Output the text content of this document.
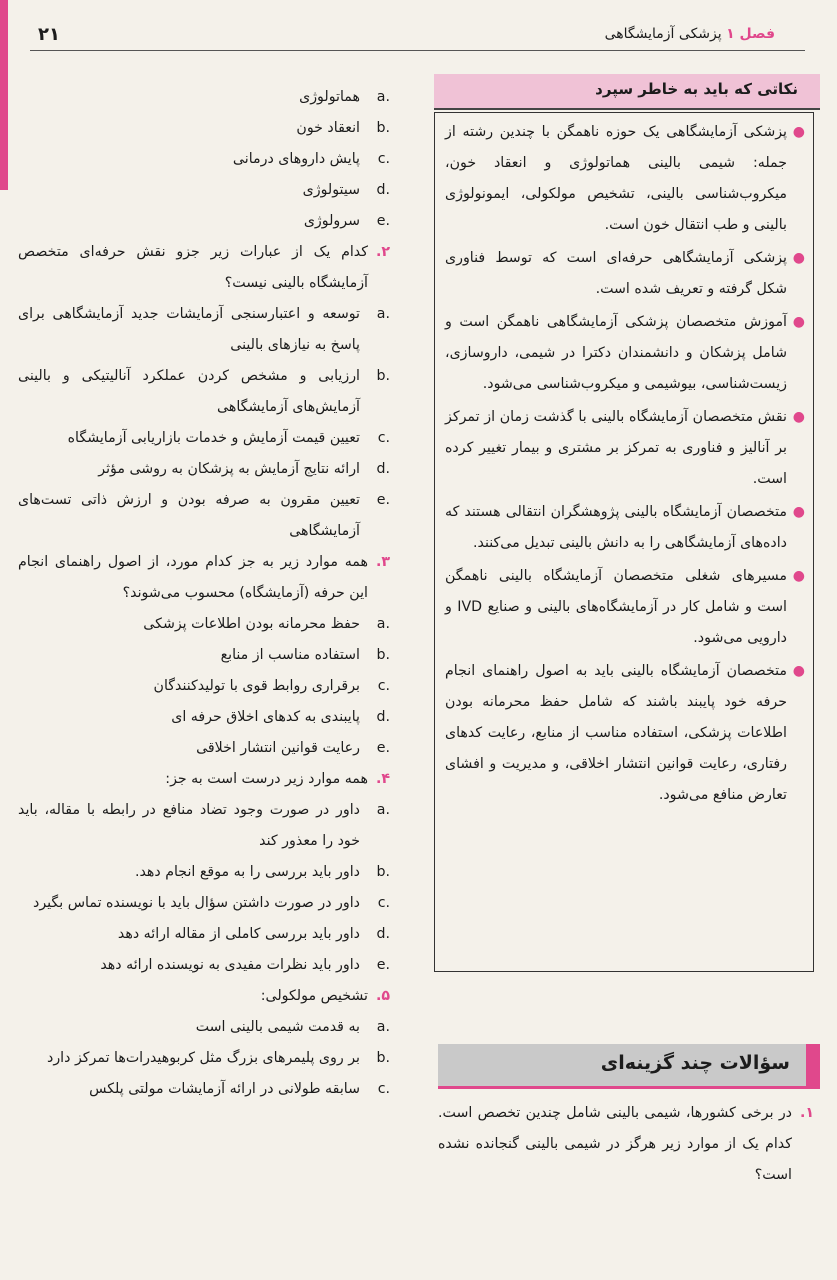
۲۱	فصل ۱ پزشکی آزمایشگاهی
a.
هماتولوژی
b.
انعقاد خون
c.
پایش داروهای درمانی
d.
سیتولوژی
e.
سرولوژی
۲.
کدام یک از عبارات زیر جزو نقش حرفه‌ای متخصص آزمایشگاه بالینی نیست؟
a.
توسعه و اعتبارسنجی آزمایشات جدید آزمایشگاهی برای پاسخ به نیازهای بالینی
b.
ارزیابی و مشخص کردن عملکرد آنالیتیکی و بالینی آزمایش‌های آزمایشگاهی
c.
تعیین قیمت آزمایش و خدمات بازاریابی آزمایشگاه
d.
ارائه نتایج آزمایش به پزشکان به روشی مؤثر
e.
تعیین مقرون به صرفه بودن و ارزش ذاتی تست‌های آزمایشگاهی
۳.
همه موارد زیر به جز کدام مورد، از اصول راهنمای انجام این حرفه (آزمایشگاه) محسوب می‌شوند؟
a.
حفظ محرمانه بودن اطلاعات پزشکی
b.
استفاده مناسب از منابع
c.
برقراری روابط قوی با تولیدکنندگان
d.
پایبندی به کدهای اخلاق حرفه ای
e.
رعایت قوانین انتشار اخلاقی
۴.
همه موارد زیر درست است به جز:
a.
داور در صورت وجود تضاد منافع در رابطه با مقاله، باید خود را معذور کند
b.
داور باید بررسی را به موقع انجام دهد.
c.
داور در صورت داشتن سؤال باید با نویسنده تماس بگیرد
d.
داور باید بررسی کاملی از مقاله ارائه دهد
e.
داور باید نظرات مفیدی به نویسنده ارائه دهد
۵.
تشخیص مولکولی:
a.
به قدمت شیمی بالینی است
b.
بر روی پلیمرهای بزرگ مثل کربوهیدرات‌ها تمرکز دارد
c.
سابقه طولانی در ارائه آزمایشات مولتی پلکس
نکاتی که باید به خاطر سپرد
●
پزشکی آزمایشگاهی یک حوزه ناهمگن با چندین رشته از جمله: شیمی بالینی هماتولوژی و انعقاد خون، میکروب‌شناسی بالینی، تشخیص مولکولی، ایمونولوژی بالینی و طب انتقال خون است.
●
پزشکی آزمایشگاهی حرفه‌ای است که توسط فناوری شکل گرفته و تعریف شده است.
●
آموزش متخصصان پزشکی آزمایشگاهی ناهمگن است و شامل پزشکان و دانشمندان دکترا در شیمی، داروسازی، زیست‌شناسی، بیوشیمی و میکروب‌شناسی می‌شود.
●
نقش متخصصان آزمایشگاه بالینی با گذشت زمان از تمرکز بر آنالیز و فناوری به تمرکز بر مشتری و بیمار تغییر کرده است.
●
متخصصان آزمایشگاه بالینی پژوهشگران انتقالی هستند که داده‌های آزمایشگاهی را به دانش بالینی تبدیل می‌کنند.
●
مسیرهای شغلی متخصصان آزمایشگاه بالینی ناهمگن است و شامل کار در آزمایشگاه‌های بالینی و صنایع IVD و دارویی می‌شود.
●
متخصصان آزمایشگاه بالینی باید به اصول راهنمای انجام حرفه خود پایبند باشند که شامل حفظ محرمانه بودن اطلاعات پزشکی، استفاده مناسب از منابع، رعایت کدهای رفتاری، رعایت قوانین انتشار اخلاقی، و مدیریت و افشای تعارض منافع می‌شود.
سؤالات چند گزینه‌ای
۱.
در برخی کشورها، شیمی بالینی شامل چندین تخصص است. کدام یک از موارد زیر هرگز در شیمی بالینی گنجانده نشده است؟
